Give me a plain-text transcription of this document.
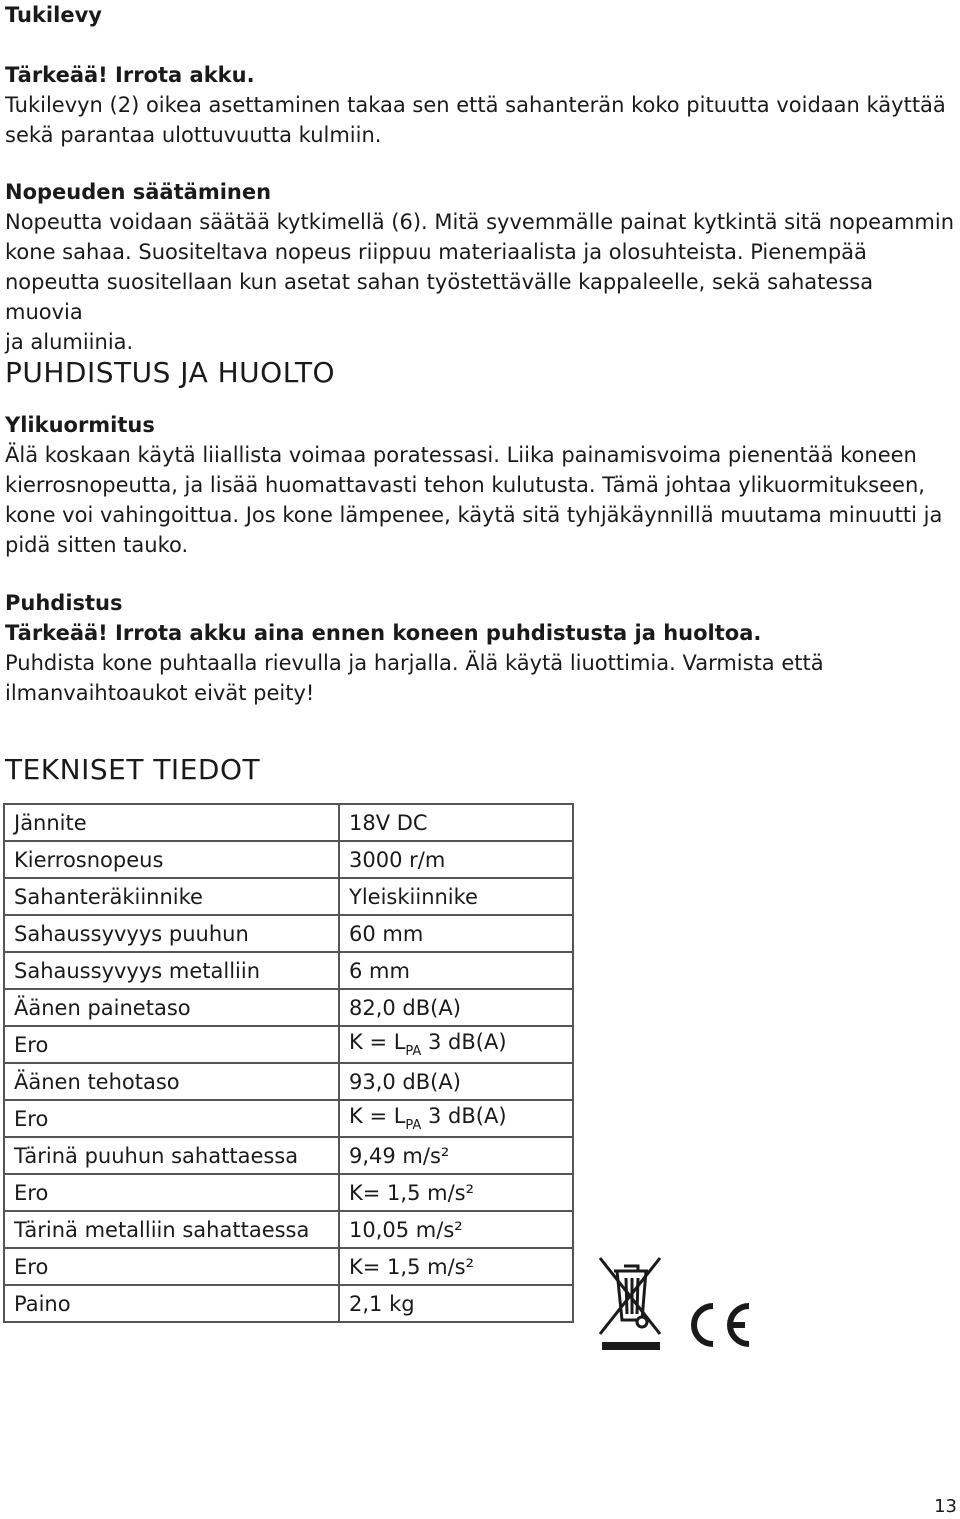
Tukilevy

Tärkeää! Irrota akku.

Tukilevyn (2) oikea asettaminen takaa sen että sahanterän koko pituutta voidaan käyttää

sekä parantaa ulottuvuutta kulmiin.

Nopeuden säätäminen

Nopeutta voidaan säätää kytkimellä (6). Mitä syvemmälle painat kytkintä sitä nopeammin

kone sahaa. Suositeltava nopeus riippuu materiaalista ja olosuhteista. Pienempää

nopeutta suositellaan kun asetat sahan työstettävälle kappaleelle, sekä sahatessa muovia

ja alumiinia.

PUHDISTUS JA HUOLTO

Ylikuormitus

Älä koskaan käytä liiallista voimaa poratessasi. Liika painamisvoima pienentää koneen

kierrosnopeutta, ja lisää huomattavasti tehon kulutusta. Tämä johtaa ylikuormitukseen,

kone voi vahingoittua. Jos kone lämpenee, käytä sitä tyhjäkäynnillä muutama minuutti ja

pidä sitten tauko.

Puhdistus

Tärkeää! Irrota akku aina ennen koneen puhdistusta ja huoltoa.

Puhdista kone puhtaalla rievulla ja harjalla. Älä käytä liuottimia. Varmista että

ilmanvaihtoaukot eivät peity!

TEKNISET TIEDOT
Jännite	18V DC
Kierrosnopeus	3000 r/m
Sahanteräkiinnike	Yleiskiinnike
Sahaussyvyys puuhun	60 mm
Sahaussyvyys metalliin	6 mm
Äänen painetaso	82,0 dB(A)
Ero	$K = L_{PA}$ 3 dB(A)
Äänen tehotaso	93,0 dB(A)
Ero	$K = L_{PA}$ 3 dB(A)
Tärinä puuhun sahattaessa	9,49 m/s²
Ero	K= 1,5 m/s²
Tärinä metalliin sahattaessa	10,05 m/s²
Ero	K= 1,5 m/s²
Paino	2,1 kg

13
